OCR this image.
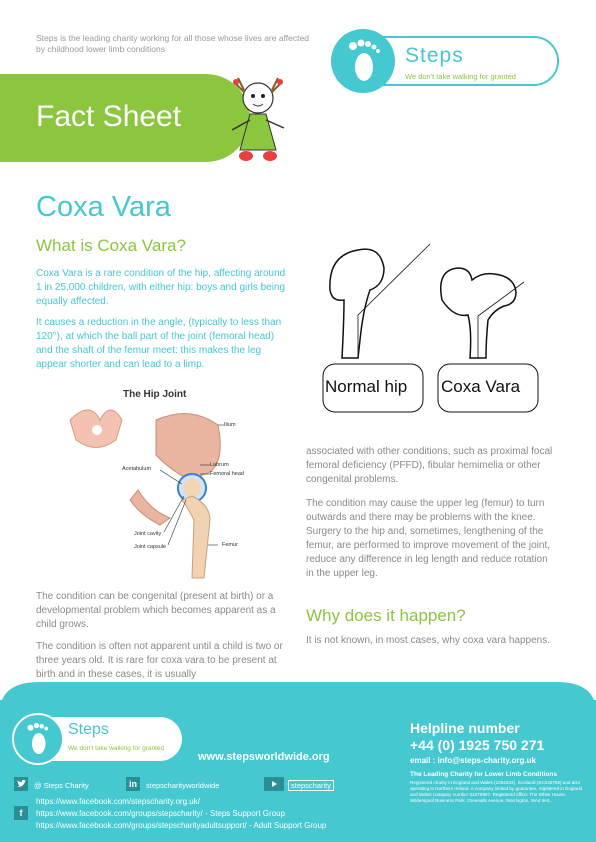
Steps is the leading charity working for all those whose lives are affected by childhood lower limb conditions	Steps
We don't take walking for granted
Fact Sheet
Coxa Vara
What is Coxa Vara?
Coxa Vara is a rare condition of the hip, affecting around 1 in 25,000 children, with either hip: boys and girls being equally affected.
It causes a reduction in the angle, (typically to less than 120°), at which the ball part of the joint (femoral head) and the shaft of the femur meet: this makes the leg appear shorter and can lead to a limp.
The Hip Joint
Ilium
Labrum
Femoral head
Acetabulum
Joint cavity
Joint capsule	Femur
Normal hip Coxa Vara
The condition can be congenital (present at birth) or a developmental problem which becomes apparent as a child grows.
The condition is often not apparent until a child is two or three years old. It is rare for coxa vara to be present at birth and in these cases, it is usually
associated with other conditions, such as proximal focal femoral deficiency (PFFD), fibular hemimelia or other congenital problems.
The condition may cause the upper leg (femur) to turn outwards and there may be problems with the knee. Surgery to the hip and, sometimes, lengthening of the femur, are performed to improve movement of the joint, reduce any difference in leg length and reduce rotation in the upper leg.
Why does it happen?
It is not known, in most cases, why coxa vara happens.
Steps
We don't take walking for granted
www.stepsworldwide.org
Helpline number
+44 (0) 1925 750 271
email : info@steps-charity.org.uk
The Leading Charity for Lower Limb Conditions
Registered charity in England and Wales (1094343), Scotland (SC049759) and also operating in Northern Ireland. A company limited by guarantee, registered in England and Wales company number 04379997. Registered office: The White House, Wilderspool Business Park, Greenalls Avenue, Warrington, WA4 6HL.
@ Steps Charity	in	stepscharityworldwide	stepscharity
f
https://www.facebook.com/stepscharity.org.uk/
https://www.facebook.com/groups/stepscharity/ - Steps Support Group
https://www.facebook.com/groups/stepscharityadultsupport/ - Adult Support Group
